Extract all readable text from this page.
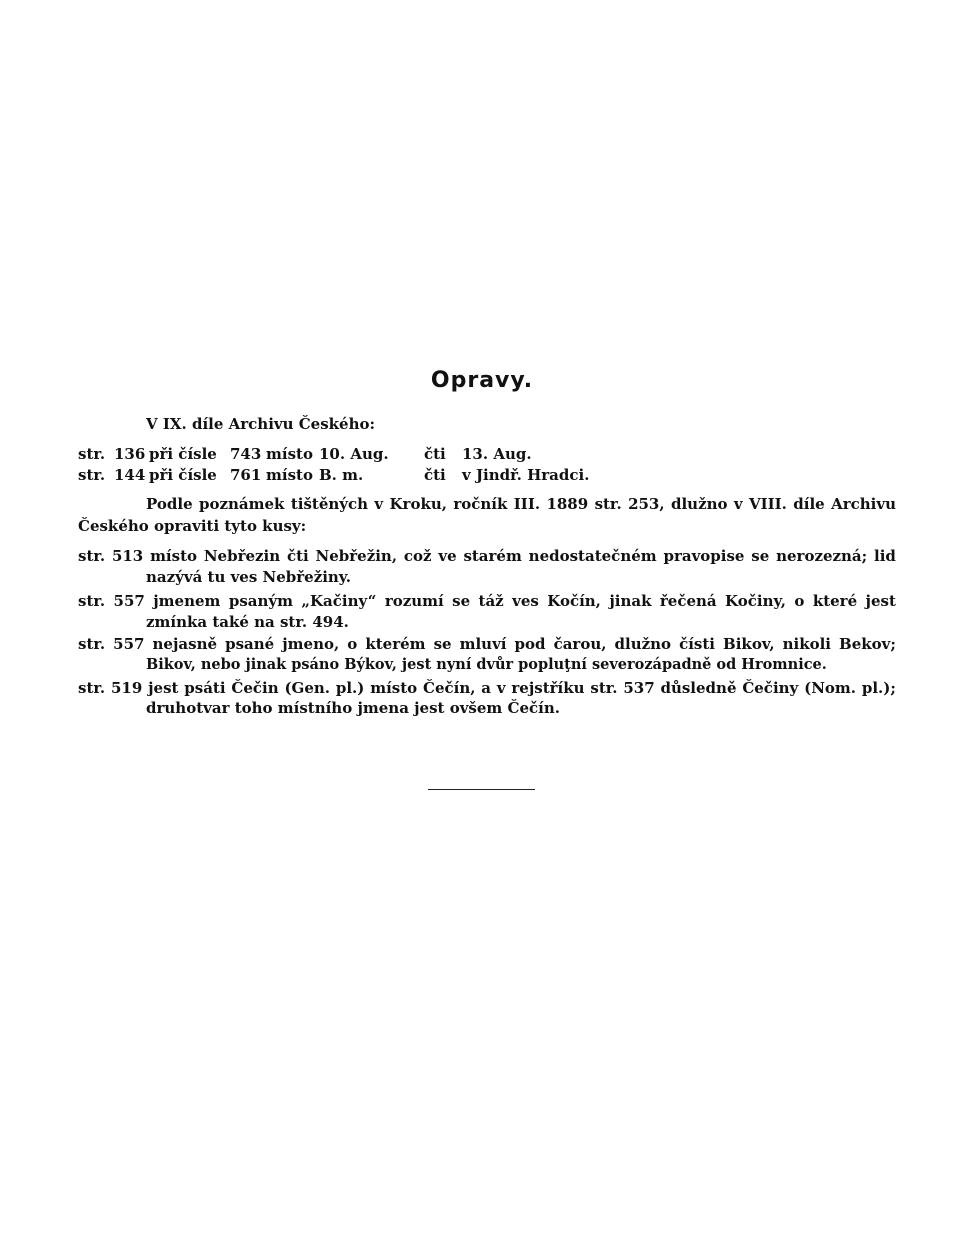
Opravy.
V IX. díle Archivu Českého:
str. 136 při čísle 743 místo 10. Aug. čti 13. Aug.
str. 144 při čísle 761 místo B. m.	čti v Jindř. Hradci.
Podle poznámek tištěných v Kroku, ročník III. 1889 str. 253, dlužno v VIII. díle Archivu
Českého opraviti tyto kusy:
str. 513 místo Nebřezin čti Nebřežin, což ve starém nedostatečném pravopise se nerozezná; lid
nazývá tu ves Nebřežiny.
str. 557 jmenem psaným „Kačiny“ rozumí se táž ves Kočín, jinak řečená Kočiny, o které jest
zmínka také na str. 494.
str. 557 nejasně psané jmeno, o kterém se mluví pod čarou, dlužno čísti Bikov, nikoli Bekov;
Bikov, nebo jinak psáno Býkov, jest nyní dvůr popluţní severozápadně od Hromnice.
str. 519 jest psáti Čečin (Gen. pl.) místo Čečín, a v rejstříku str. 537 důsledně Čečiny (Nom. pl.);
druhotvar toho místního jmena jest ovšem Čečín.
